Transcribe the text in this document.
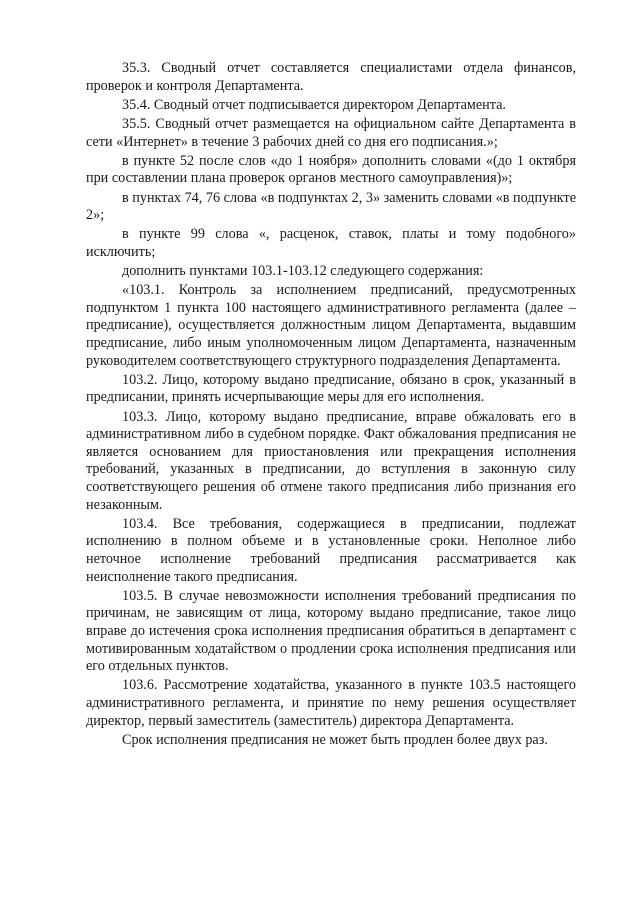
35.3. Сводный отчет составляется специалистами отдела финансов, проверок и контроля Департамента.

35.4. Сводный отчет подписывается директором Департамента.

35.5. Сводный отчет размещается на официальном сайте Департамента в сети «Интернет» в течение 3 рабочих дней со дня его подписания.»;

в пункте 52 после слов «до 1 ноября» дополнить словами «(до 1 октября при составлении плана проверок органов местного самоуправления)»;

в пунктах 74, 76 слова «в подпунктах 2, 3» заменить словами «в подпункте 2»;

в пункте 99 слова «, расценок, ставок, платы и тому подобного» исключить;

дополнить пунктами 103.1-103.12 следующего содержания:

«103.1. Контроль за исполнением предписаний, предусмотренных подпунктом 1 пункта 100 настоящего административного регламента (далее – предписание), осуществляется должностным лицом Департамента, выдавшим предписание, либо иным уполномоченным лицом Департамента, назначенным руководителем соответствующего структурного подразделения Департамента.

103.2. Лицо, которому выдано предписание, обязано в срок, указанный в предписании, принять исчерпывающие меры для его исполнения.

103.3. Лицо, которому выдано предписание, вправе обжаловать его в административном либо в судебном порядке. Факт обжалования предписания не является основанием для приостановления или прекращения исполнения требований, указанных в предписании, до вступления в законную силу соответствующего решения об отмене такого предписания либо признания его незаконным.

103.4. Все требования, содержащиеся в предписании, подлежат исполнению в полном объеме и в установленные сроки. Неполное либо неточное исполнение требований предписания рассматривается как неисполнение такого предписания.

103.5. В случае невозможности исполнения требований предписания по причинам, не зависящим от лица, которому выдано предписание, такое лицо вправе до истечения срока исполнения предписания обратиться в департамент с мотивированным ходатайством о продлении срока исполнения предписания или его отдельных пунктов.

103.6. Рассмотрение ходатайства, указанного в пункте 103.5 настоящего административного регламента, и принятие по нему решения осуществляет директор, первый заместитель (заместитель) директора Департамента.

Срок исполнения предписания не может быть продлен более двух раз.
